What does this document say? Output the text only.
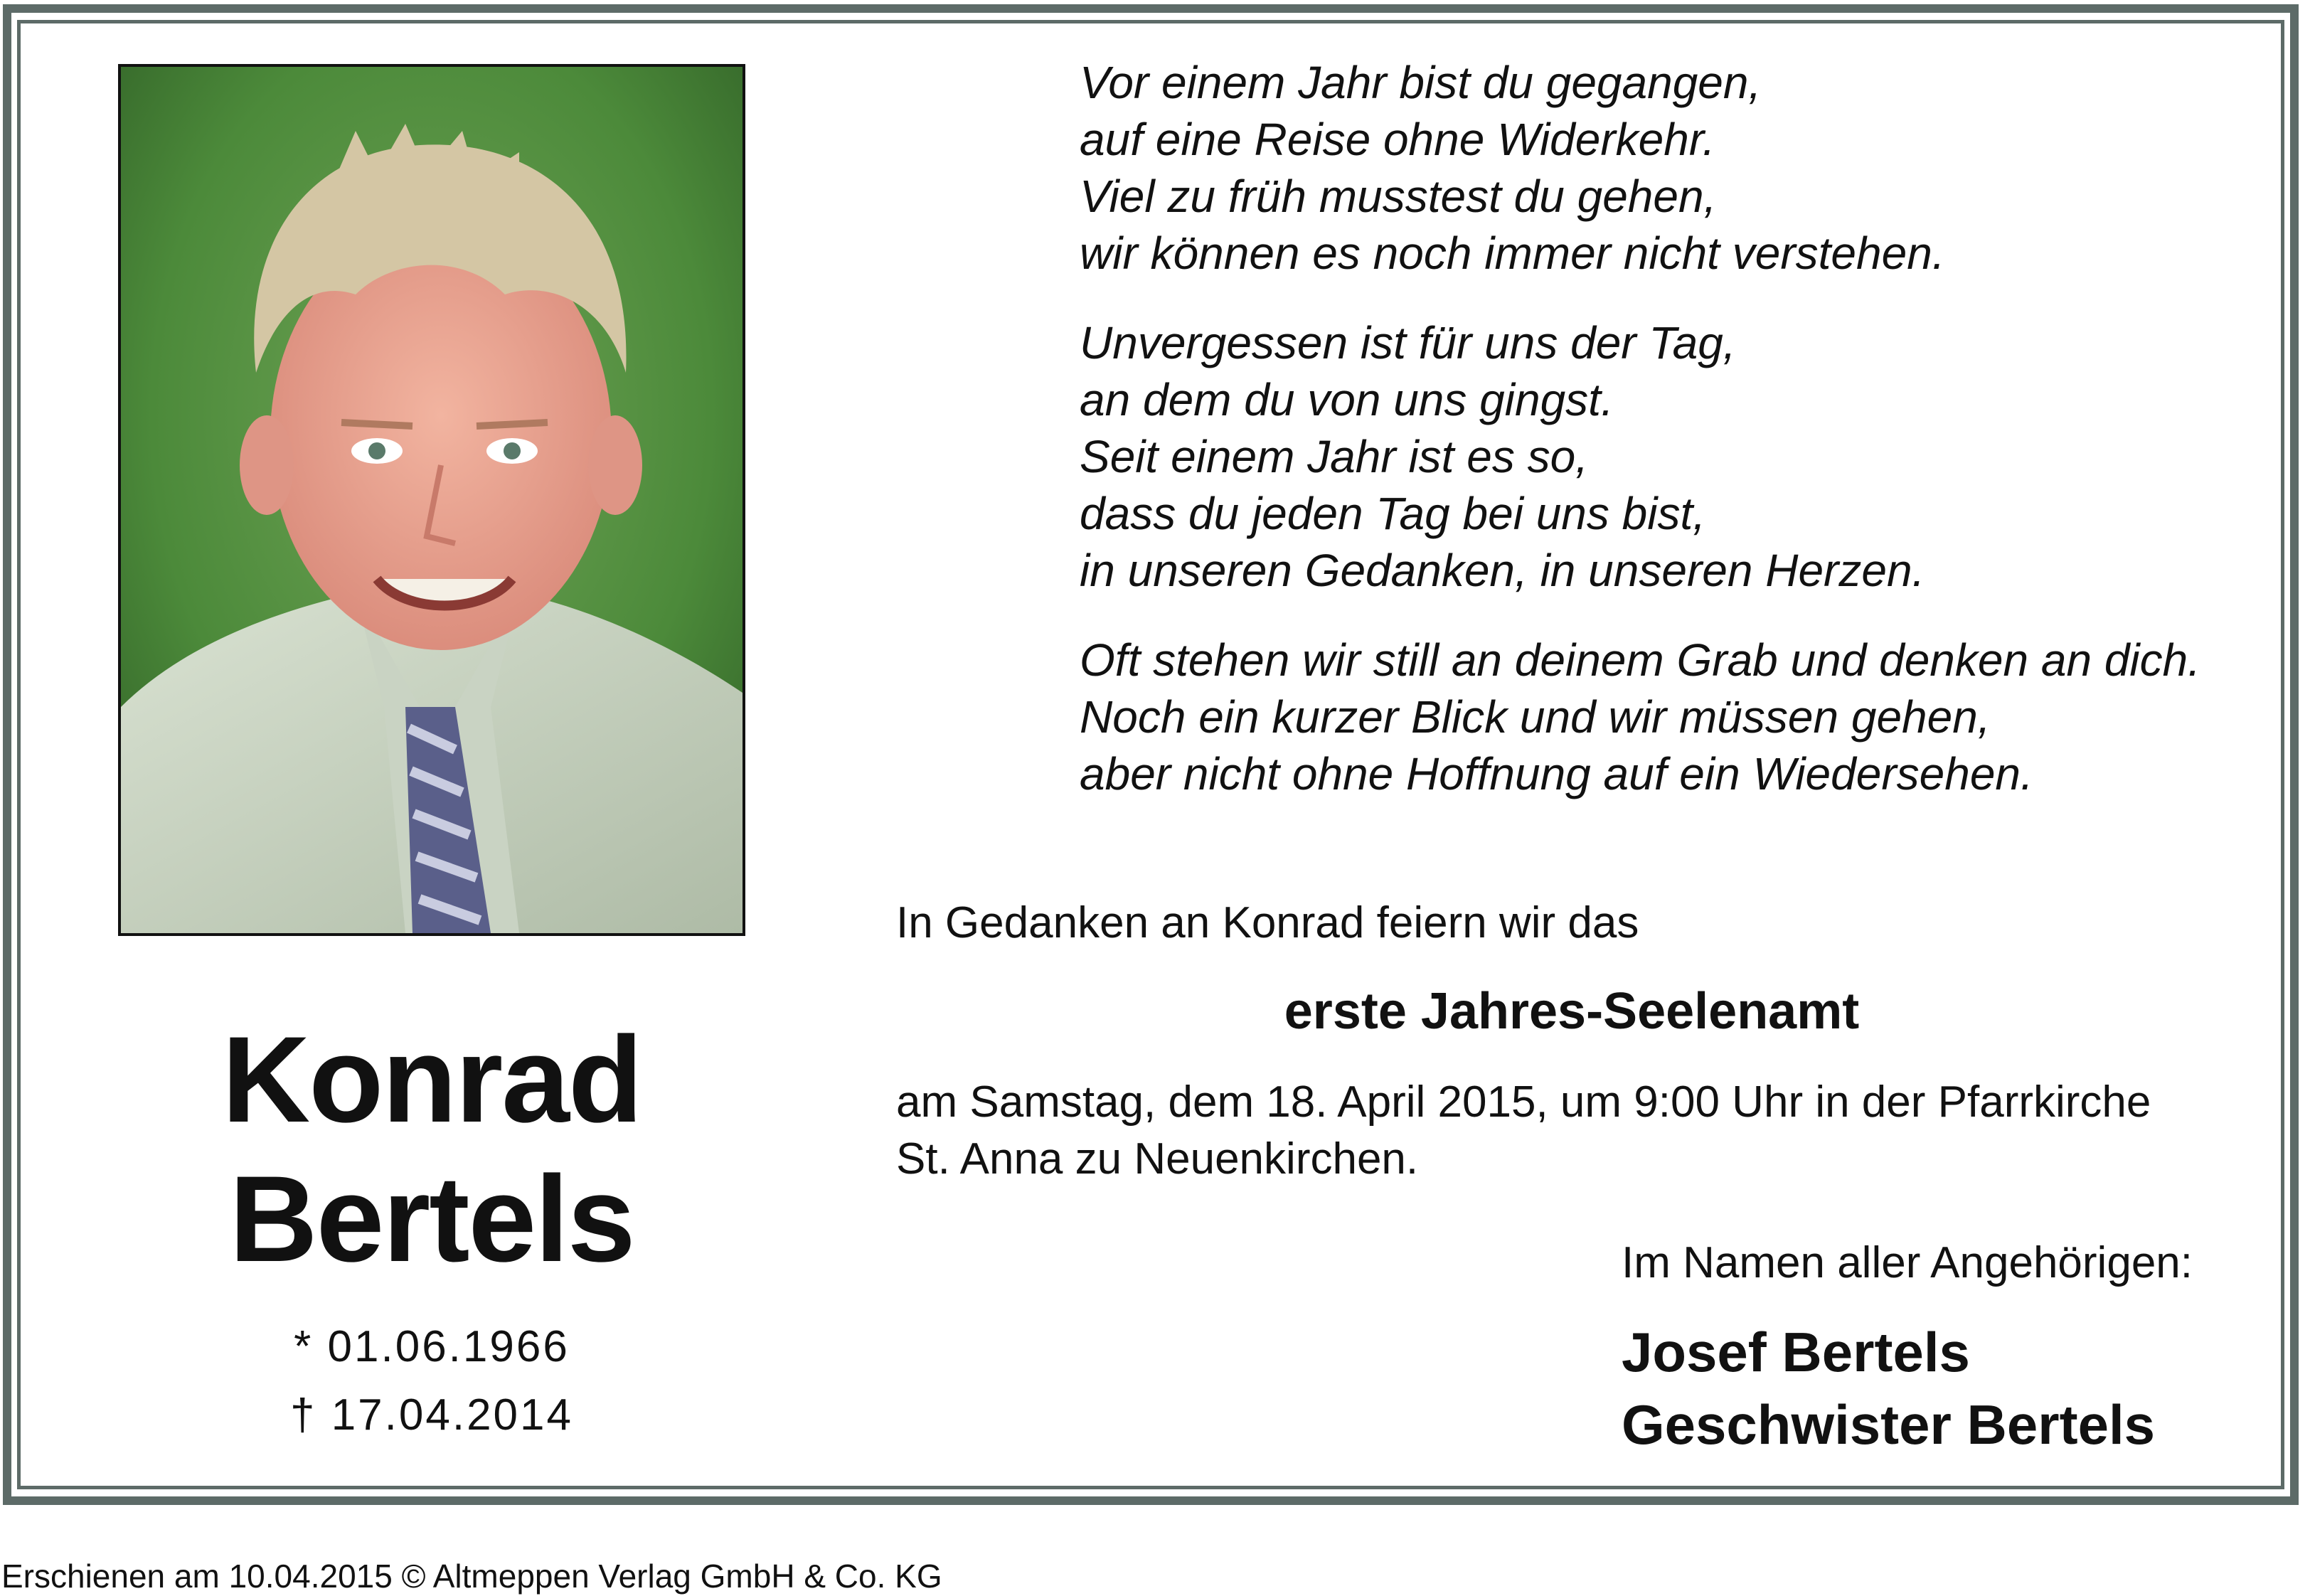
Konrad
Bertels
* 01.06.1966
† 17.04.2014
Vor einem Jahr bist du gegangen,
auf eine Reise ohne Widerkehr.
Viel zu früh musstest du gehen,
wir können es noch immer nicht verstehen.
Unvergessen ist für uns der Tag,
an dem du von uns gingst.
Seit einem Jahr ist es so,
dass du jeden Tag bei uns bist,
in unseren Gedanken, in unseren Herzen.
Oft stehen wir still an deinem Grab und denken an dich.
Noch ein kurzer Blick und wir müssen gehen,
aber nicht ohne Hoffnung auf ein Wiedersehen.
In Gedanken an Konrad feiern wir das
erste Jahres-Seelenamt
am Samstag, dem 18. April 2015, um 9:00 Uhr in der Pfarrkirche
St. Anna zu Neuenkirchen.
Im Namen aller Angehörigen:
Josef Bertels
Geschwister Bertels
Erschienen am 10.04.2015 © Altmeppen Verlag GmbH & Co. KG
